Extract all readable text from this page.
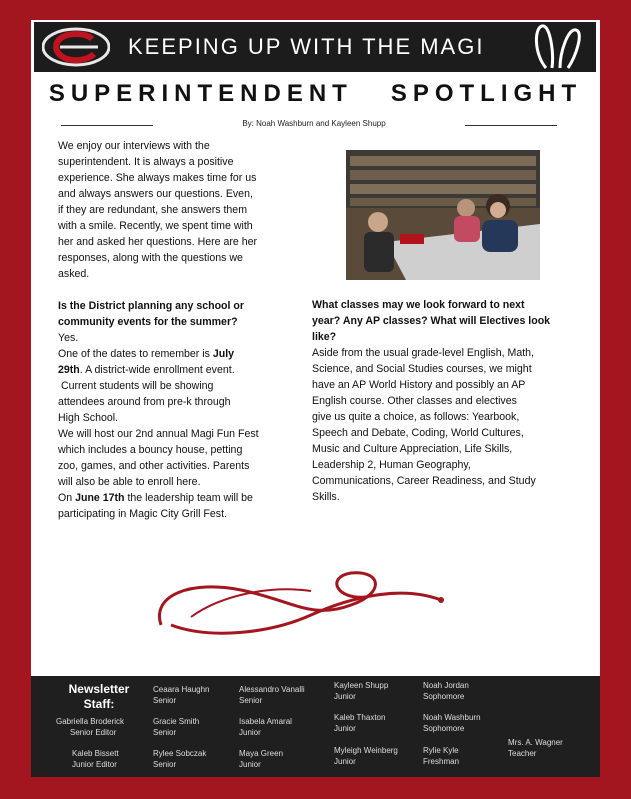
KEEPING UP WITH THE MAGI
SUPERINTENDENT   SPOTLIGHT
By: Noah Washburn and Kayleen Shupp

We enjoy our interviews with the

superintendent. It is always a positive

experience. She always makes time for us

and always answers our questions. Even,

if they are redundant, she answers them

with a smile. Recently, we spent time with

her and asked her questions. Here are her

responses, along with the questions we

asked.

Is the District planning any school or

community events for the summer?

Yes.

One of the dates to remember is July

29th. A district-wide enrollment event.

Current students will be showing

attendees around from pre-k through

High School.

We will host our 2nd annual Magi Fun Fest

which includes a bouncy house, petting

zoo, games, and other activities. Parents

will also be able to enroll here.

On June 17th the leadership team will be

participating in Magic City Grill Fest.

What classes may we look forward to next

year? Any AP classes? What will Electives look

like?

Aside from the usual grade-level English, Math,

Science, and Social Studies courses, we might

have an AP World History and possibly an AP

English course. Other classes and electives

give us quite a choice, as follows: Yearbook,

Speech and Debate, Coding, World Cultures,

Music and Culture Appreciation, Life Skills,

Leadership 2, Human Geography,

Communications, Career Readiness, and Study

Skills.

Newsletter
Staff:
Gabriella Broderick
Senior Editor
Kaleb Bissett
Junior Editor
Ceaara Haughn
Senior
Gracie Smith
Senior
Rylee Sobczak
Senior
Alessandro Vanalli
Senior
Isabela Amaral
Junior
Maya Green
Junior
Kayleen Shupp
Junior
Kaleb Thaxton
Junior
Myleigh Weinberg
Junior
Noah Jordan
Sophomore
Noah Washburn
Sophomore
Rylie Kyle
Freshman
Mrs. A. Wagner
Teacher
